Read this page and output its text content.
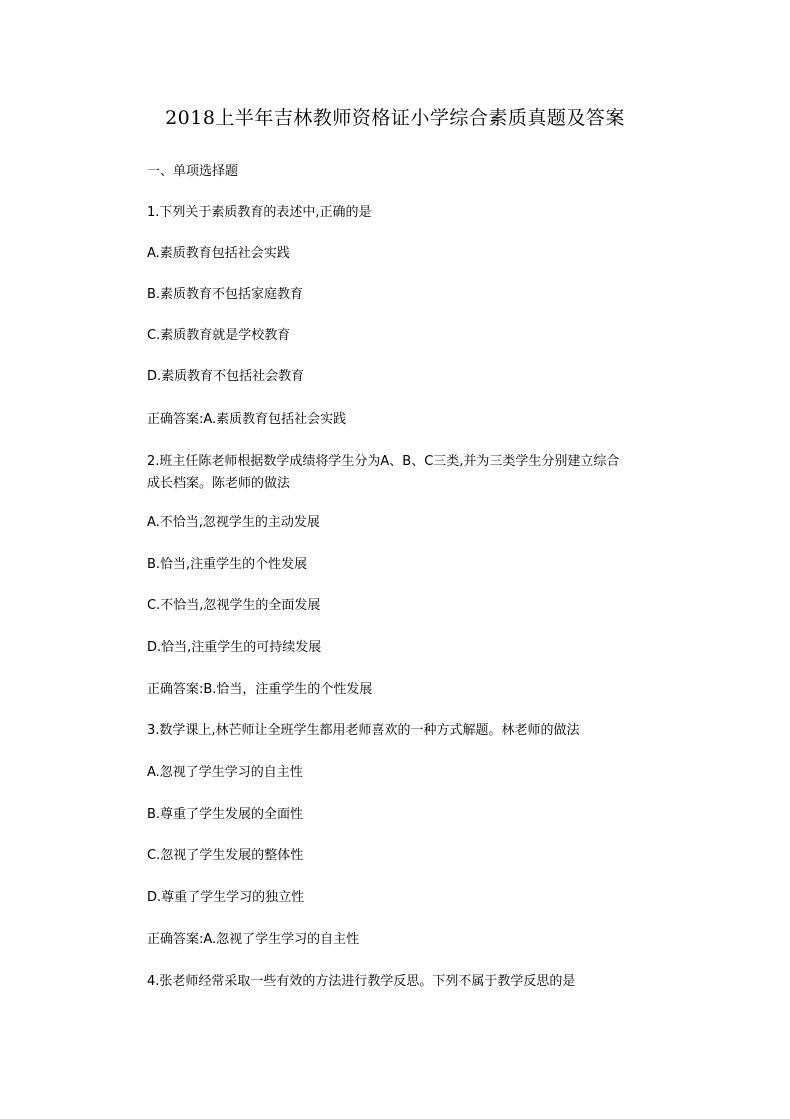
2018上半年吉林教师资格证小学综合素质真题及答案
一、单项选择题
1.下列关于素质教育的表述中,正确的是
A.素质教育包括社会实践
B.素质教育不包括家庭教育
C.素质教育就是学校教育
D.素质教育不包括社会教育
正确答案:A.素质教育包括社会实践
2.班主任陈老师根据数学成绩将学生分为A、B、C三类,并为三类学生分别建立综合
成长档案。陈老师的做法
A.不恰当,忽视学生的主动发展
B.恰当,注重学生的个性发展
C.不恰当,忽视学生的全面发展
D.恰当,注重学生的可持续发展
正确答案:B.恰当，注重学生的个性发展
3.数学课上,林芒师让全班学生都用老师喜欢的一种方式解题。林老师的做法
A.忽视了学生学习的自主性
B.尊重了学生发展的全面性
C.忽视了学生发展的整体性
D.尊重了学生学习的独立性
正确答案:A.忽视了学生学习的自主性
4.张老师经常采取一些有效的方法进行教学反思。下列不属于教学反思的是
